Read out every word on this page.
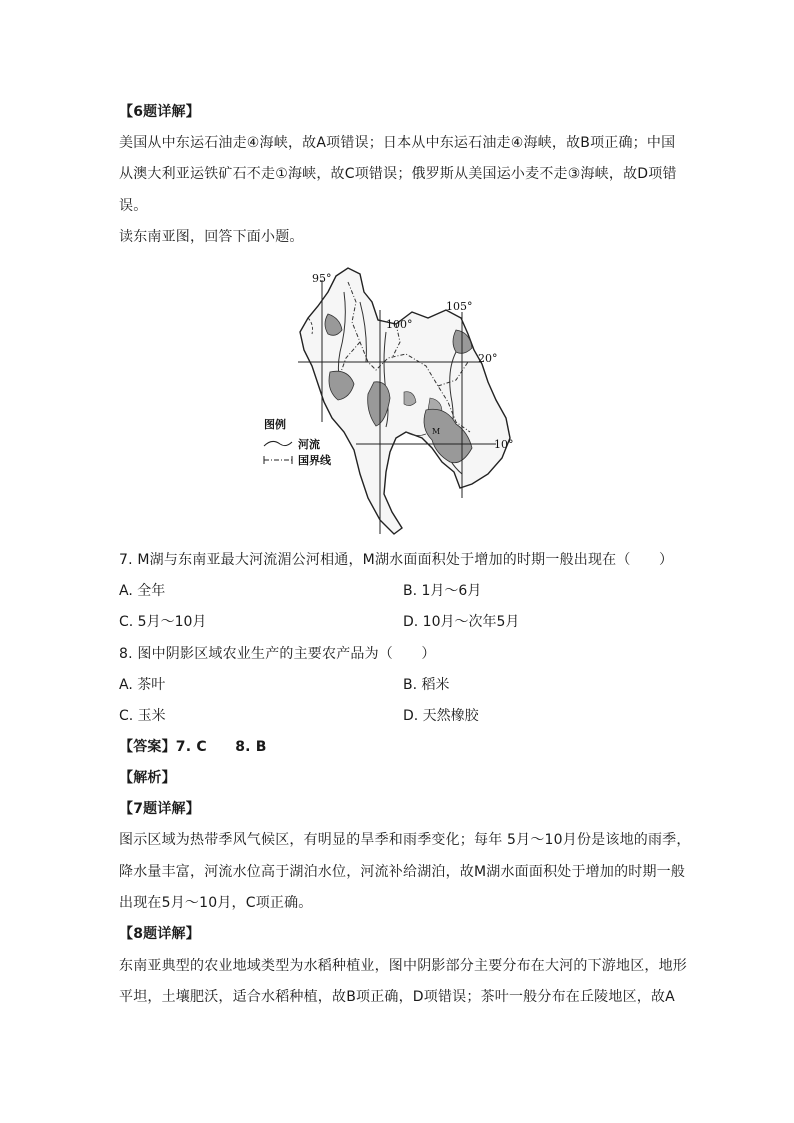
【6题详解】
美国从中东运石油走④海峡，故A项错误；日本从中东运石油走④海峡，故B项正确；中国
从澳大利亚运铁矿石不走①海峡，故C项错误；俄罗斯从美国运小麦不走③海峡，故D项错
误。
读东南亚图，回答下面小题。
95°
100°
105°
20°
10°
M
图例
河流
国界线
7. M湖与东南亚最大河流湄公河相通，M湖水面面积处于增加的时期一般出现在（　　）
A. 全年	B. 1月～6月
C. 5月～10月	D. 10月～次年5月
8. 图中阴影区域农业生产的主要农产品为（　　）
A. 茶叶	B. 稻米
C. 玉米	D. 天然橡胶
【答案】7. C　　8. B
【解析】
【7题详解】
图示区域为热带季风气候区，有明显的旱季和雨季变化；每年 5月～10月份是该地的雨季，
降水量丰富，河流水位高于湖泊水位，河流补给湖泊，故M湖水面面积处于增加的时期一般
出现在5月～10月，C项正确。
【8题详解】
东南亚典型的农业地域类型为水稻种植业，图中阴影部分主要分布在大河的下游地区，地形
平坦，土壤肥沃，适合水稻种植，故B项正确，D项错误；茶叶一般分布在丘陵地区，故A
